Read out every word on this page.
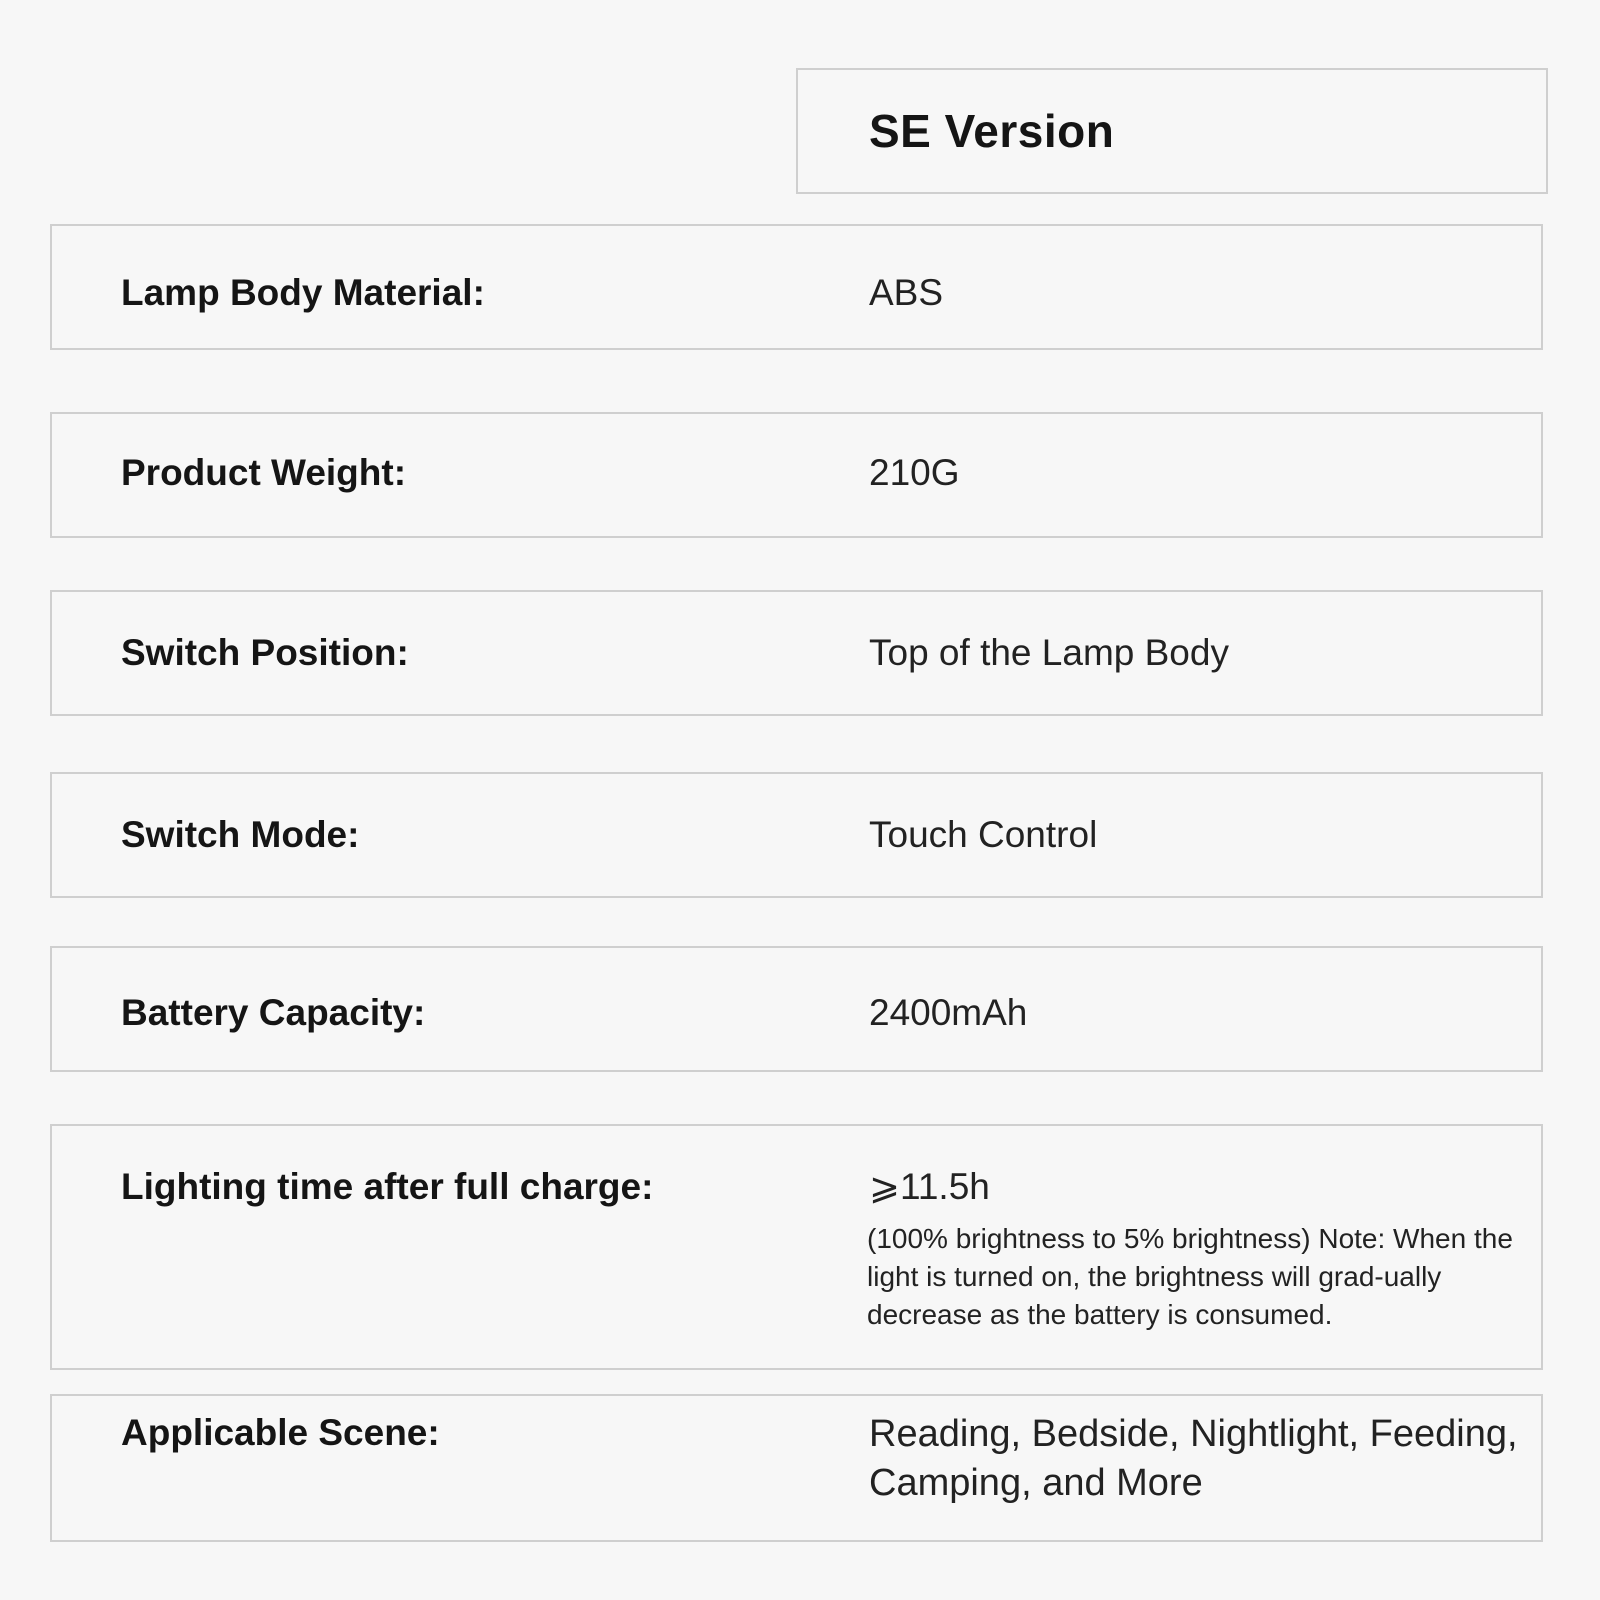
SE Version
Lamp Body Material:	ABS
Product Weight:	210G
Switch Position:	Top of the Lamp Body
Switch Mode:	Touch Control
Battery Capacity:	2400mAh
Lighting time after full charge:	⩾11.5h
(100% brightness to 5% brightness) Note: When the light is turned on, the brightness will grad-ually decrease as the battery is consumed.
Applicable Scene:	Reading, Bedside, Nightlight, Feeding, Camping, and More
